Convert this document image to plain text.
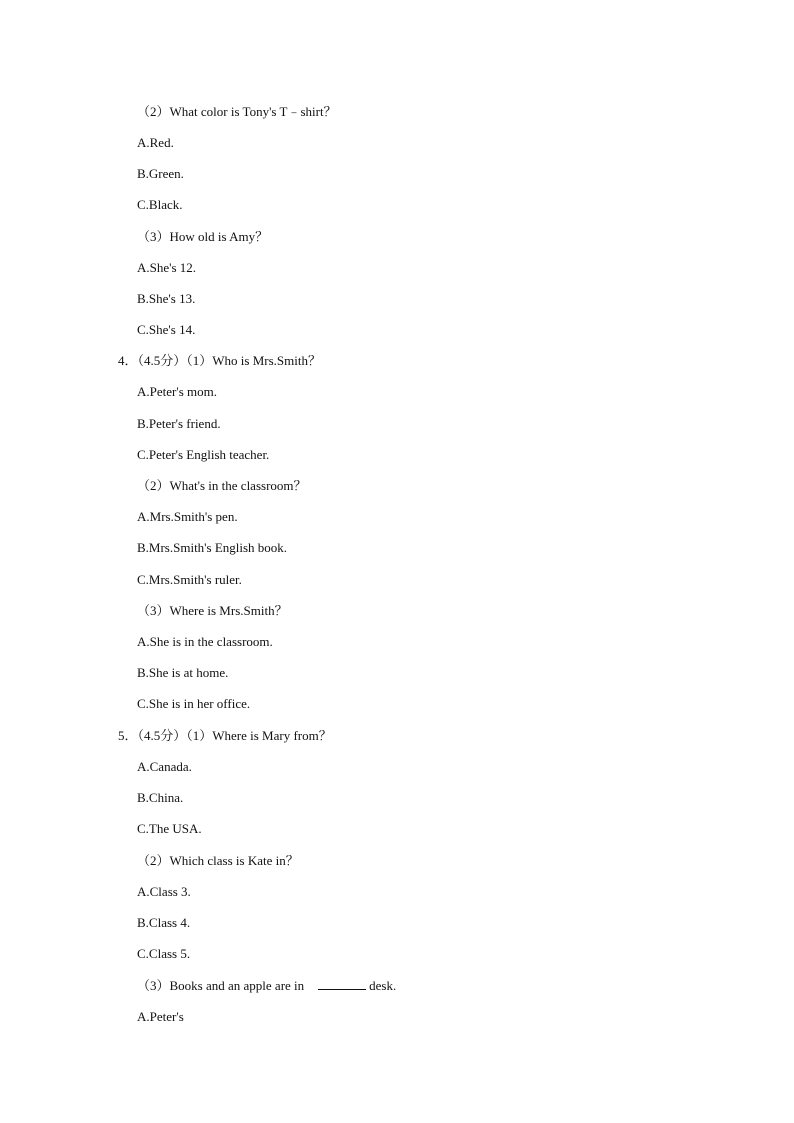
（2）What color is Tony's T﹣shirt？
A.Red.
B.Green.
C.Black.
（3）How old is Amy？
A.She's 12.
B.She's 13.
C.She's 14.
4．（4.5分）（1）Who is Mrs.Smith？
A.Peter's mom.
B.Peter's friend.
C.Peter's English teacher.
（2）What's in the classroom？
A.Mrs.Smith's pen.
B.Mrs.Smith's English book.
C.Mrs.Smith's ruler.
（3）Where is Mrs.Smith？
A.She is in the classroom.
B.She is at home.
C.She is in her office.
5．（4.5分）（1）Where is Mary from？
A.Canada.
B.China.
C.The USA.
（2）Which class is Kate in？
A.Class 3.
B.Class 4.
C.Class 5.
（3）Books and an apple are in	desk.
A.Peter's
